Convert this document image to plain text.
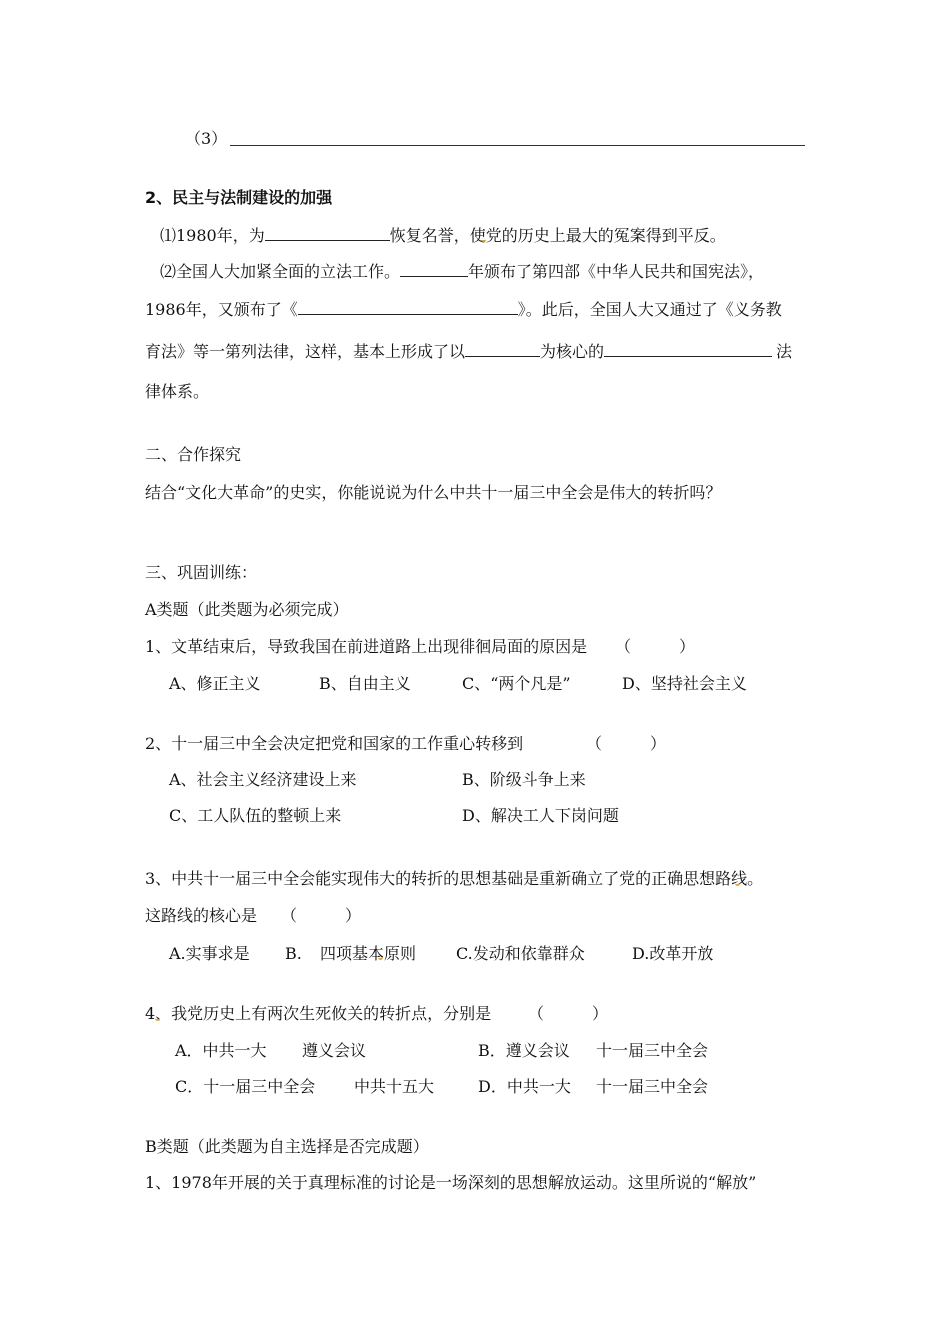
（3）
2、民主与法制建设的加强
⑴1980年，为	恢复名誉，使党的历史上最大的冤案得到平反。
⑵全国人大加紧全面的立法工作。	年颁布了第四部《中华人民共和国宪法》，
1986年，又颁布了《	》。此后，全国人大又通过了《义务教
育法》等一第列法律，这样，基本上形成了以	为核心的	法
律体系。
二、合作探究
结合“文化大革命”的史实，你能说说为什么中共十一届三中全会是伟大的转折吗？
三、巩固训练：
A类题（此类题为必须完成）
1、文革结束后，导致我国在前进道路上出现徘徊局面的原因是 （　　　）
A、修正主义	B、自由主义	C、“两个凡是”	D、坚持社会主义
2、十一届三中全会决定把党和国家的工作重心转移到	（　　　）
A、社会主义经济建设上来	B、阶级斗争上来
C、工人队伍的整顿上来	D、解决工人下岗问题
3、中共十一届三中全会能实现伟大的转折的思想基础是重新确立了党的正确思想路线。
这路线的核心是 （　　　）
A.实事求是 B. 四项基本原则 C.发动和依靠群众	D.改革开放
4、我党历史上有两次生死攸关的转折点，分别是 （　　　）
A．中共一大 遵义会议	B．遵义会议 十一届三中全会
C．十一届三中全会 中共十五大	D．中共一大 十一届三中全会
B类题（此类题为自主选择是否完成题）
1、1978年开展的关于真理标准的讨论是一场深刻的思想解放运动。这里所说的“解放”
